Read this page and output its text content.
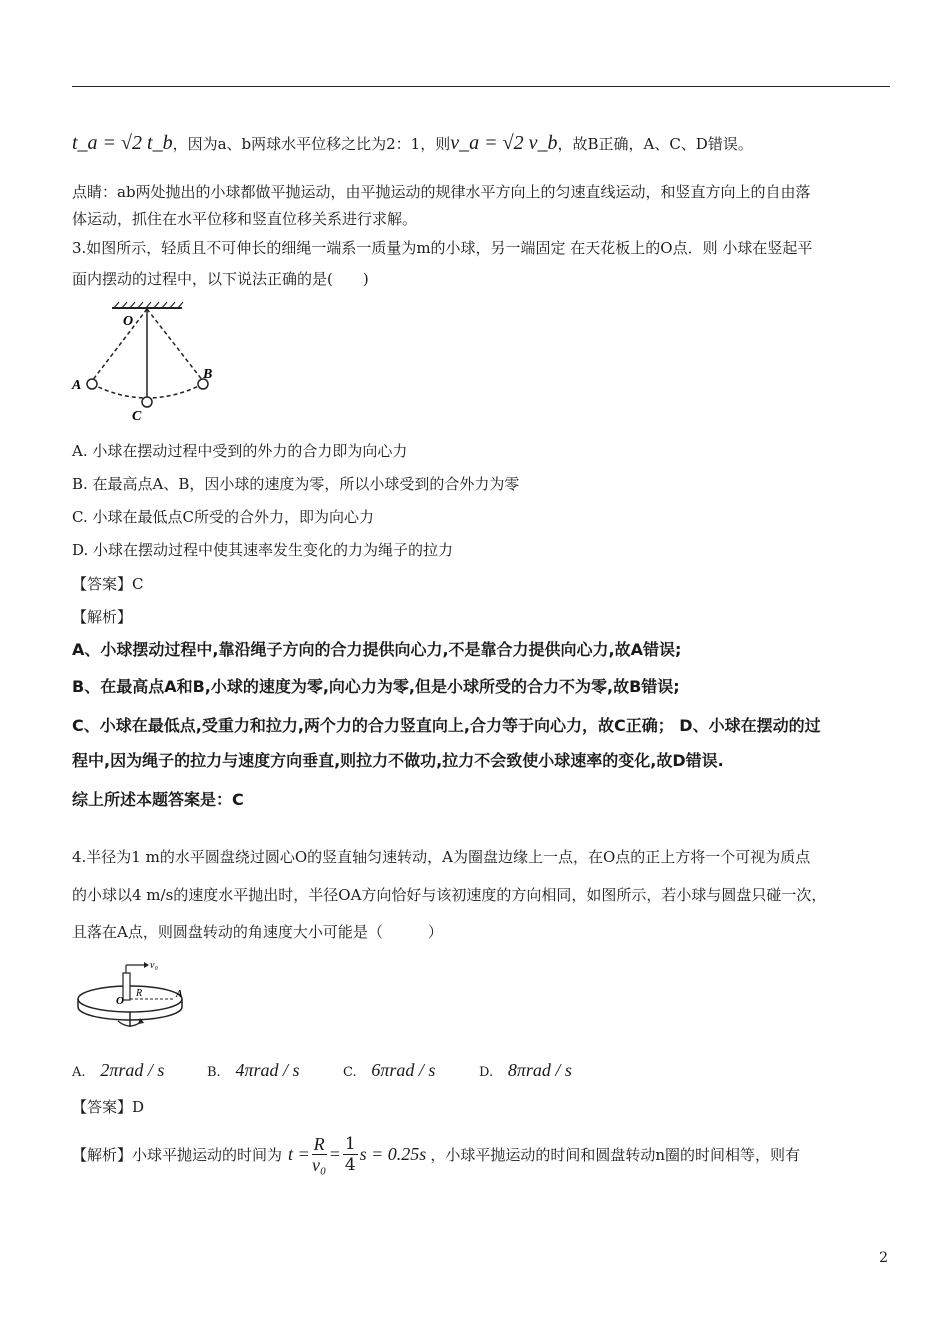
t_a = √2 t_b，因为a、b两球水平位移之比为2：1，则v_a = √2 v_b，故B正确，A、C、D错误。
点睛：ab两处抛出的小球都做平抛运动，由平抛运动的规律水平方向上的匀速直线运动，和竖直方向上的自由落
体运动，抓住在水平位移和竖直位移关系进行求解。
3.如图所示，轻质且不可伸长的细绳一端系一质量为m的小球，另一端固定 在天花板上的O点．则 小球在竖起平
面内摆动的过程中，以下说法正确的是(　　)
O
A
B
C
A. 小球在摆动过程中受到的外力的合力即为向心力
B. 在最高点A、B，因小球的速度为零，所以小球受到的合外力为零
C. 小球在最低点C所受的合外力，即为向心力
D. 小球在摆动过程中使其速率发生变化的力为绳子的拉力
【答案】C
【解析】
A、小球摆动过程中,靠沿绳子方向的合力提供向心力,不是靠合力提供向心力,故A错误;
B、在最高点A和B,小球的速度为零,向心力为零,但是小球所受的合力不为零,故B错误;
C、小球在最低点,受重力和拉力,两个力的合力竖直向上,合力等于向心力，故C正确； D、小球在摆动的过
程中,因为绳子的拉力与速度方向垂直,则拉力不做功,拉力不会致使小球速率的变化,故D错误.
综上所述本题答案是：C
4.半径为1 m的水平圆盘绕过圆心O的竖直轴匀速转动，A为圈盘边缘上一点，在O点的正上方将一个可视为质点
的小球以4 m/s的速度水平抛出时，半径OA方向恰好与该初速度的方向相同，如图所示，若小球与圆盘只碰一次，
且落在A点，则圆盘转动的角速度大小可能是（　　　）
v₀
O
R	A
A. 2πrad / s	B. 4πrad / s	C. 6πrad / s	D. 8πrad / s
【答案】D
【解析】小球平抛运动的时间为 $t = \frac{R}{\text{v₀}} = \frac{1}{4}$ s = 0.25s ，小球平抛运动的时间和圆盘转动n圈的时间相等，则有
2
